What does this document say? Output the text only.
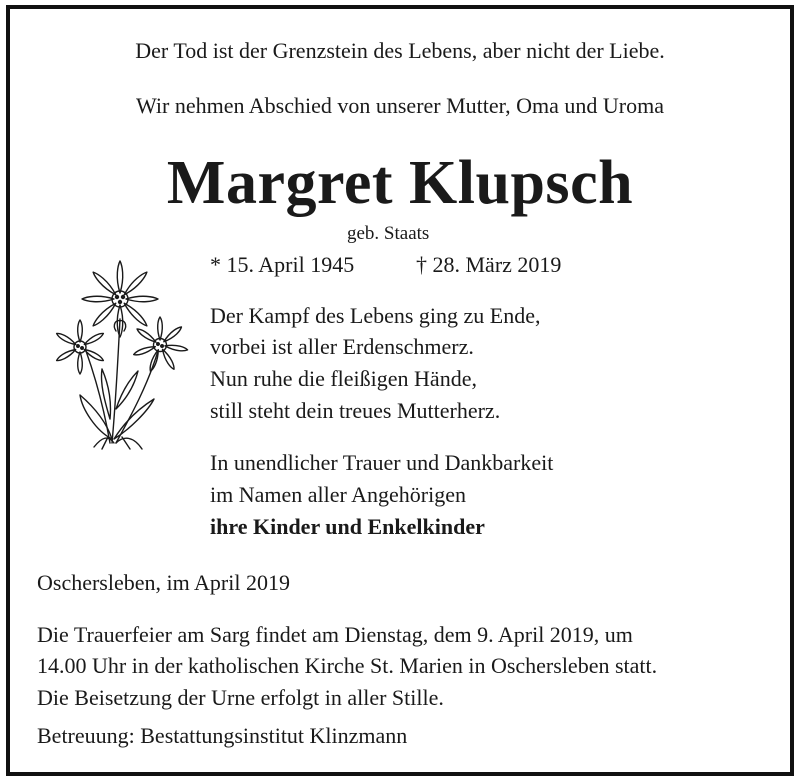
Der Tod ist der Grenzstein des Lebens, aber nicht der Liebe.
Wir nehmen Abschied von unserer Mutter, Oma und Uroma
Margret Klupsch
geb. Staats
* 15. April 1945	† 28. März 2019
Der Kampf des Lebens ging zu Ende,
vorbei ist aller Erdenschmerz.
Nun ruhe die fleißigen Hände,
still steht dein treues Mutterherz.
In unendlicher Trauer und Dankbarkeit
im Namen aller Angehörigen
ihre Kinder und Enkelkinder
Oschersleben, im April 2019
Die Trauerfeier am Sarg findet am Dienstag, dem 9. April 2019, um
14.00 Uhr in der katholischen Kirche St. Marien in Oschersleben statt.
Die Beisetzung der Urne erfolgt in aller Stille.
Betreuung: Bestattungsinstitut Klinzmann
